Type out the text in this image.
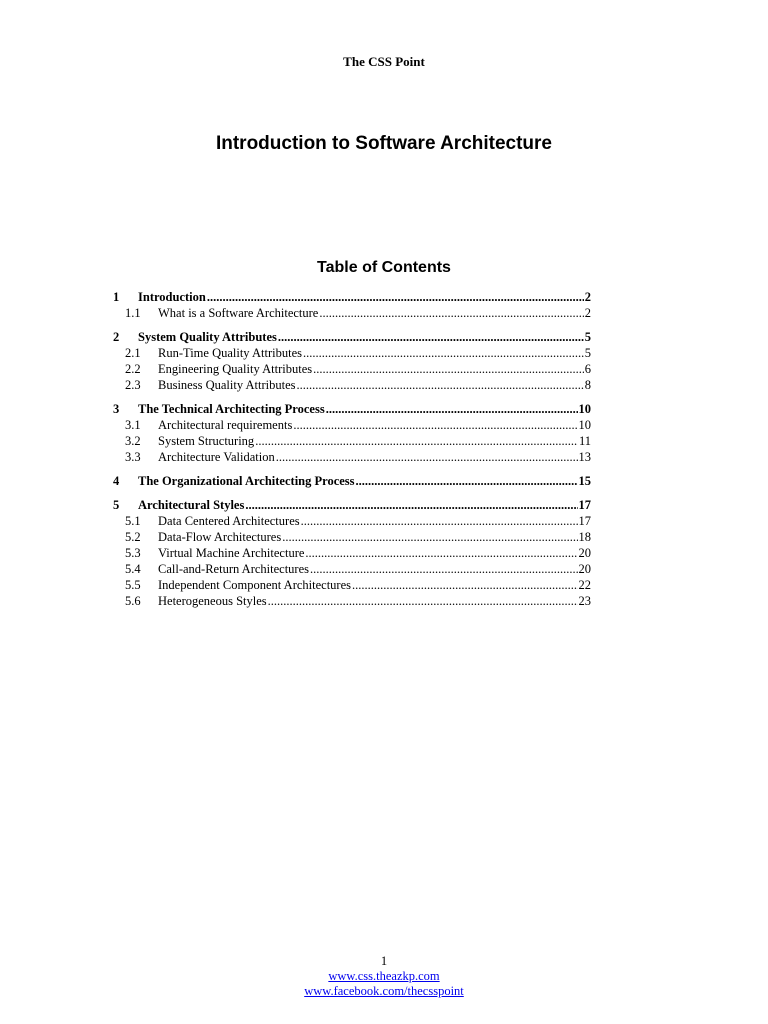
The CSS Point
Introduction to Software Architecture
Table of Contents
1	Introduction .....	2
1.1	What is a Software Architecture .....	2
2	System Quality Attributes .....	5
2.1	Run-Time Quality Attributes .....	5
2.2	Engineering Quality Attributes .....	6
2.3	Business Quality Attributes .....	8
3	The Technical Architecting Process .....	10
3.1	Architectural requirements .....	10
3.2	System Structuring .....	11
3.3	Architecture Validation .....	13
4	The Organizational Architecting Process .....	15
5	Architectural Styles .....	17
5.1	Data Centered Architectures .....	17
5.2	Data-Flow Architectures .....	18
5.3	Virtual Machine Architecture .....	20
5.4	Call-and-Return Architectures .....	20
5.5	Independent Component Architectures .....	22
5.6	Heterogeneous Styles .....	23
1
www.css.theazkp.com
www.facebook.com/thecsspoint
